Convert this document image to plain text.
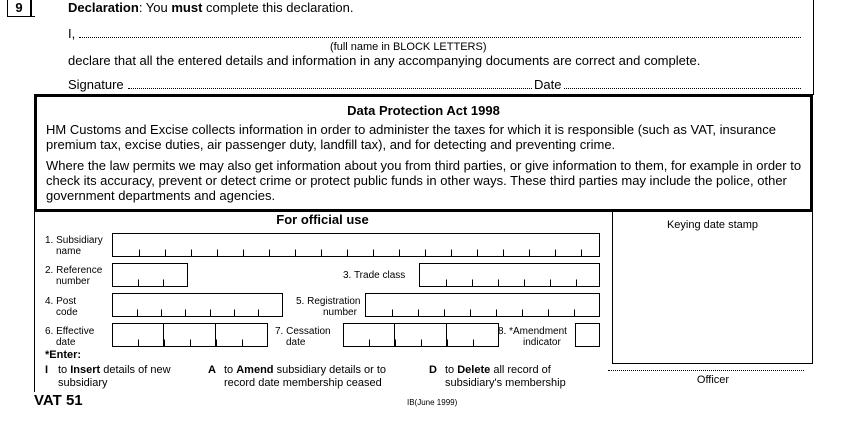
9	Declaration: You must complete this declaration.
I,
(full name in BLOCK LETTERS)
declare that all the entered details and information in any accompanying documents are correct and complete.
Signature	Date
Data Protection Act 1998
HM Customs and Excise collects information in order to administer the taxes for which it is responsible (such as VAT, insurance premium tax, excise duties, air passenger duty, landfill tax), and for detecting and preventing crime.
Where the law permits we may also get information about you from third parties, or give information to them, for example in order to check its accuracy, prevent or detect crime or protect public funds in other ways. These third parties may include the police, other government departments and agencies.
Keying date stamp
For official use
1. Subsidiary
name
2. Reference
number
3. Trade class
4. Post
code
5. Registration
number
6. Effective
date
7. Cessation
date
8. *Amendment
indicator
*Enter:
I to Insert details of new
subsidiary
A to Amend subsidiary details or to
record date membership ceased
D to Delete all record of
subsidiary's membership	Officer
VAT 51	IB(June 1999)
